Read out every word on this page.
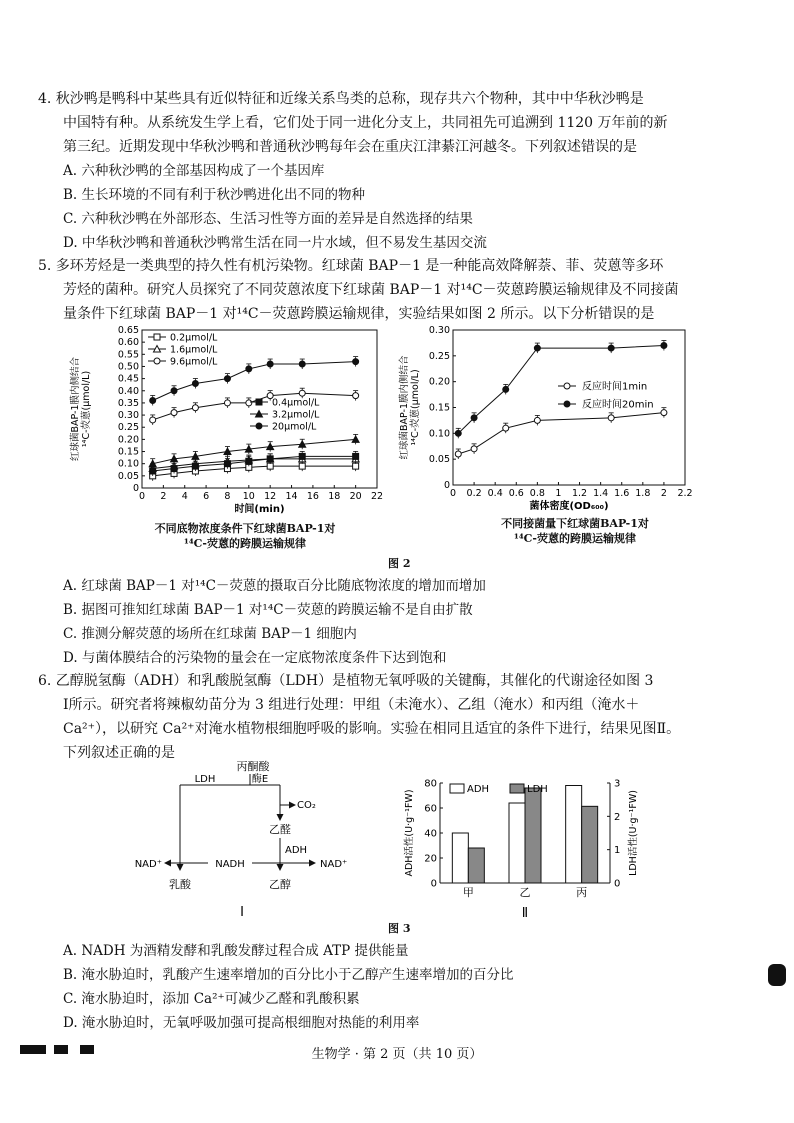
4. 秋沙鸭是鸭科中某些具有近似特征和近缘关系鸟类的总称，现存共六个物种，其中中华秋沙鸭是
中国特有种。从系统发生学上看，它们处于同一进化分支上，共同祖先可追溯到 1120 万年前的新
第三纪。近期发现中华秋沙鸭和普通秋沙鸭每年会在重庆江津綦江河越冬。下列叙述错误的是
A. 六种秋沙鸭的全部基因构成了一个基因库
B. 生长环境的不同有利于秋沙鸭进化出不同的物种
C. 六种秋沙鸭在外部形态、生活习性等方面的差异是自然选择的结果
D. 中华秋沙鸭和普通秋沙鸭常生活在同一片水域，但不易发生基因交流
5. 多环芳烃是一类典型的持久性有机污染物。红球菌 BAP－1 是一种能高效降解萘、菲、荧蒽等多环
芳烃的菌种。研究人员探究了不同荧蒽浓度下红球菌 BAP－1 对¹⁴C－荧蒽跨膜运输规律及不同接菌
量条件下红球菌 BAP－1 对¹⁴C－荧蒽跨膜运输规律，实验结果如图 2 所示。以下分析错误的是
0 2 4 6 8 10 12 14 16 18 20 22
0
0.05
0.10
0.15
0.20
0.25
0.30
0.35
0.40
0.45
0.50
0.55
0.60
0.65
时间(min)
红球菌BAP-1膜内侧结合¹⁴C-荧蒽(μmol/L)
0.2μmol/L
1.6μmol/L
9.6μmol/L
0.4μmol/L
3.2μmol/L
20μmol/L
不同底物浓度条件下红球菌BAP-1对
¹⁴C-荧蒽的跨膜运输规律
0 0.2 0.4 0.6 0.8 1 1.2 1.4 1.6 1.8 2 2.2
0
0.05
0.10
0.15
0.20
0.25
0.30
菌体密度(OD₆₀₀)
红球菌BAP-1膜内侧结合¹⁴C-荧蒽(μmol/L)	反应时间1min
反应时间20min
不同接菌量下红球菌BAP-1对
¹⁴C-荧蒽的跨膜运输规律
图 2
A. 红球菌 BAP－1 对¹⁴C－荧蒽的摄取百分比随底物浓度的增加而增加
B. 据图可推知红球菌 BAP－1 对¹⁴C－荧蒽的跨膜运输不是自由扩散
C. 推测分解荧蒽的场所在红球菌 BAP－1 细胞内
D. 与菌体膜结合的污染物的量会在一定底物浓度条件下达到饱和
6. 乙醇脱氢酶（ADH）和乳酸脱氢酶（LDH）是植物无氧呼吸的关键酶，其催化的代谢途径如图 3
Ⅰ所示。研究者将辣椒幼苗分为 3 组进行处理：甲组（未淹水）、乙组（淹水）和丙组（淹水＋
Ca²⁺），以研究 Ca²⁺对淹水植物根细胞呼吸的影响。实验在相同且适宜的条件下进行，结果见图Ⅱ。
下列叙述正确的是
丙酮酸
LDH	酶E
CO₂
乙醛
ADH
NADH
NAD⁺	NAD⁺
乳酸	乙醇
Ⅰ
0
20
40
60
80
0
1
2
3
ADH活性(U·g⁻¹FW)	LDH活性(U·g⁻¹FW)
甲	乙	丙
ADH	LDH
Ⅱ
图 3
A. NADH 为酒精发酵和乳酸发酵过程合成 ATP 提供能量
B. 淹水胁迫时，乳酸产生速率增加的百分比小于乙醇产生速率增加的百分比
C. 淹水胁迫时，添加 Ca²⁺可减少乙醛和乳酸积累
D. 淹水胁迫时，无氧呼吸加强可提高根细胞对热能的利用率
生物学 · 第 2 页（共 10 页）
